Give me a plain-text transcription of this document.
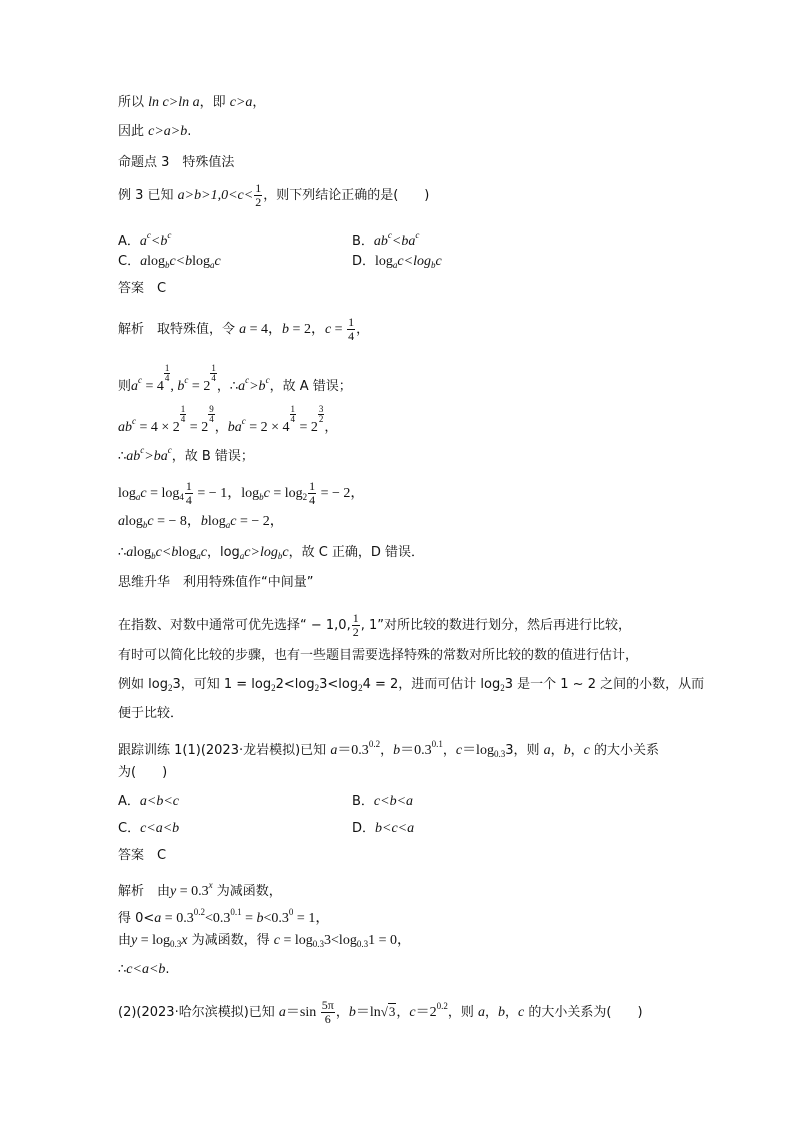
所以 ln c>ln a，即 c>a，
因此 c>a>b.
命题点 3　特殊值法
例 3 已知 $a>b>1,0<c< \frac{1}{2}$ ，则下列结论正确的是(　　)
A．$a^c<b^c$	B．$ab^c<ba^c$
C．alog$_b$c<blog$_a$c	D．$\log_ac<\log_bc$
答案　C
解析　取特殊值，令 a = 4，b = 2，$c = \frac{1}{4}$ ，
则$a^c = 4$
$\frac{1}{4}$
, $b^c = 2$
$\frac{1}{4}$
，$\therefore a^c>b^c$，故 A 错误；
$ab^c = 4 \times 2$
$\frac{1}{4}$
= 2
$\frac{9}{4}$
，$ba^c = 2 \times 4$
$\frac{1}{4}$
= 2
$\frac{3}{2}$
，
$\therefore ab^c>ba^c$，故 B 错误；
$\log_ac = \log_4 \frac{1}{4}$ = − 1，$\log_bc = \log_2 \frac{1}{4}$ = − 2，
alog$_b$c = − 8，blog$_a$c = − 2，
∴alog$_b$c<blog$_a$c，$\log_ac>\log_bc$，故 C 正确，D 错误．
思维升华　利用特殊值作“中间量”
在指数、对数中通常可优先选择“ − 1,0, $\frac{1}{2}$ , 1”对所比较的数进行划分，然后再进行比较，
有时可以简化比较的步骤，也有一些题目需要选择特殊的常数对所比较的数的值进行估计，
例如 $\log_23$，可知 $1 = \log_22<\log_23<\log_24 = 2$，进而可估计 $\log_23$ 是一个 1 ~ 2 之间的小数，从而
便于比较．
跟踪训练 1(1)(2023·龙岩模拟)已知 $a=0.3^{0.2}$，$b=0.3^{0.1}$，$c=\log_{0.3}3$，则 a，b，c 的大小关系
为(　　)
A．a<b<c	B．c<b<a
C．c<a<b	D．b<c<a
答案　C
解析　由$y = 0.3^x$ 为减函数，
得 $0<a = 0.3^{0.2}<0.3^{0.1} = b<0.3^0 = 1$，
由$y = \log_{0.3}x$ 为减函数，得 $c = \log_{0.3}3<\log_{0.3}1 = 0$，
∴c<a<b.
(2)(2023·哈尔滨模拟)已知 $a=\sin \frac{5\pi}{6}$ ，b＝ln√3，$c=2^{0.2}$，则 a，b，c 的大小关系为(　　)
